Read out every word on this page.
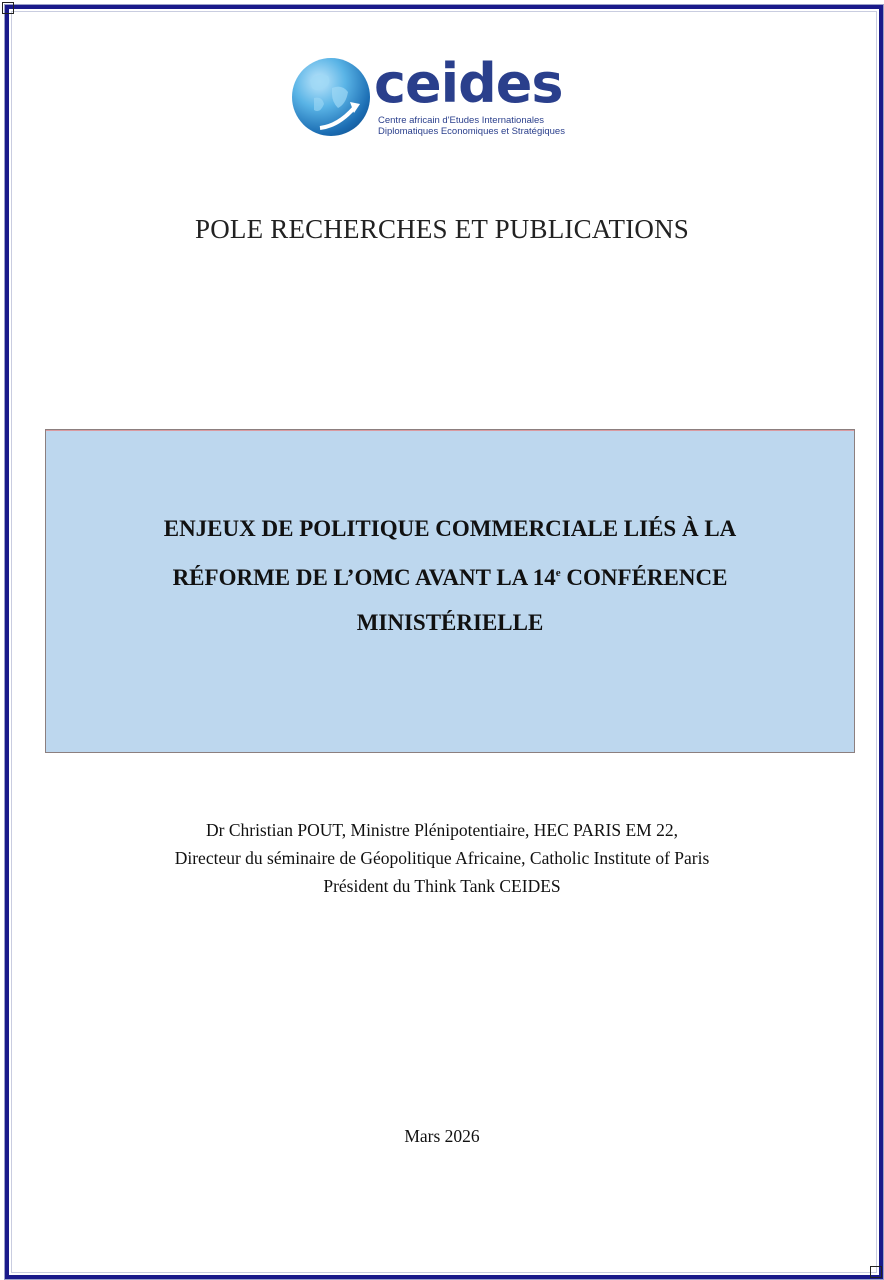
ceides
Centre africain d'Etudes Internationales
Diplomatiques Economiques et Stratégiques
POLE RECHERCHES ET PUBLICATIONS
ENJEUX DE POLITIQUE COMMERCIALE LIÉS À LA
RÉFORME DE L’OMC AVANT LA 14e CONFÉRENCE
MINISTÉRIELLE
Dr Christian POUT, Ministre Plénipotentiaire, HEC PARIS EM 22,
Directeur du séminaire de Géopolitique Africaine, Catholic Institute of Paris
Président du Think Tank CEIDES
Mars 2026
